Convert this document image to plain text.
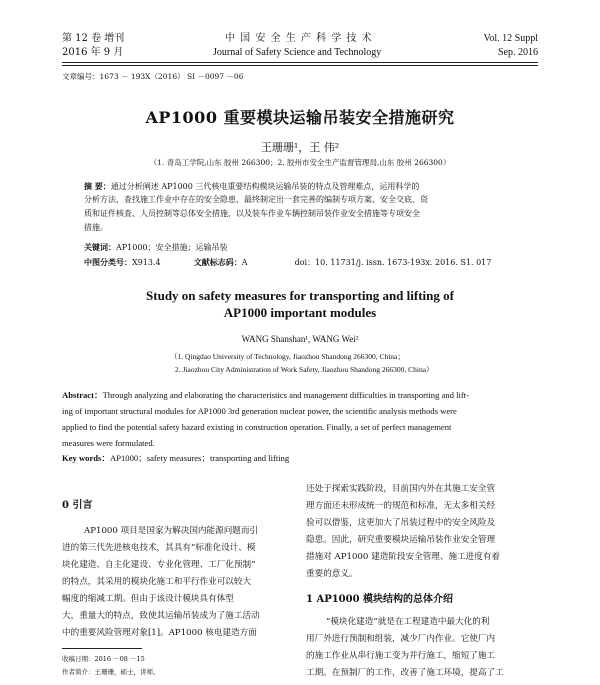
第 12 卷 增刊
2016 年 9 月
中 国 安 全 生 产 科 学 技 术
Journal of Safety Science and Technology
Vol. 12 Suppl
Sep. 2016
文章编号：1673 － 193X（2016） SI －0097 －06
AP1000 重要模块运输吊装安全措施研究
王珊珊¹，王 伟²
（1. 青岛工学院,山东 胶州 266300；2. 胶州市安全生产监督管理局,山东 胶州 266300）
摘 要：通过分析阐述 AP1000 三代核电重要结构模块运输吊装的特点及管理难点，运用科学的
分析方法，查找施工作业中存在的安全隐患，最终制定出一套完善的编制专项方案、安全交底、资
质和证件核查、人员控制等总体安全措施，以及装车作业车辆控制吊装作业安全措施等专项安全
措施。
关键词：AP1000；安全措施；运输吊装
中图分类号：X913.4	文献标志码：A	doi：10. 11731/j. issn. 1673-193x. 2016. S1. 017
Study on safety measures for transporting and lifting of
AP1000 important modules
WANG Shanshan¹, WANG Wei²
（1. Qingdao University of Technology, Jiaozhou Shandong 266300, China；
2. Jiaozhou City Administration of Work Safety, Jiaozhou Shandong 266300, China）
Abstract：Through analyzing and elaborating the characteristics and management difficulties in transporting and lift-
ing of important structural modules for AP1000 3rd generation nuclear power, the scientific analysis methods were
applied to find the potential safety hazard existing in construction operation. Finally, a set of perfect management
measures were formulated.
Key words：AP1000；safety measures；transporting and lifting
0 引言
AP1000 项目是国家为解决国内能源问题而引
进的第三代先进核电技术，其具有“标准化设计、模
块化建造、自主化建设、专业化管理、工厂化预制”
的特点，其采用的模块化施工和平行作业可以较大
幅度的缩减工期。但由于该设计模块具有体型
大，重量大的特点，致使其运输吊装成为了施工活动
中的重要风险管理对象[1]。AP1000 核电建造方面
收稿日期：2016 －08 －15
作者简介：王珊珊，硕士，讲师。
还处于探索实践阶段，目前国内外在其施工安全管
理方面还未形成统一的规范和标准，无太多相关经
验可以借鉴，这更加大了吊装过程中的安全风险及
隐患。因此，研究重要模块运输吊装作业安全管理
措施对 AP1000 建造阶段安全管理、施工进度有着
重要的意义。
1 AP1000 模块结构的总体介绍
“模块化建造”就是在工程建造中最大化的利
用厂外进行预制和组装，减少厂内作业。它使厂内
的施工作业从串行施工变为并行施工，缩短了施工
工期。在预制厂的工作，改善了施工环境，提高了工
